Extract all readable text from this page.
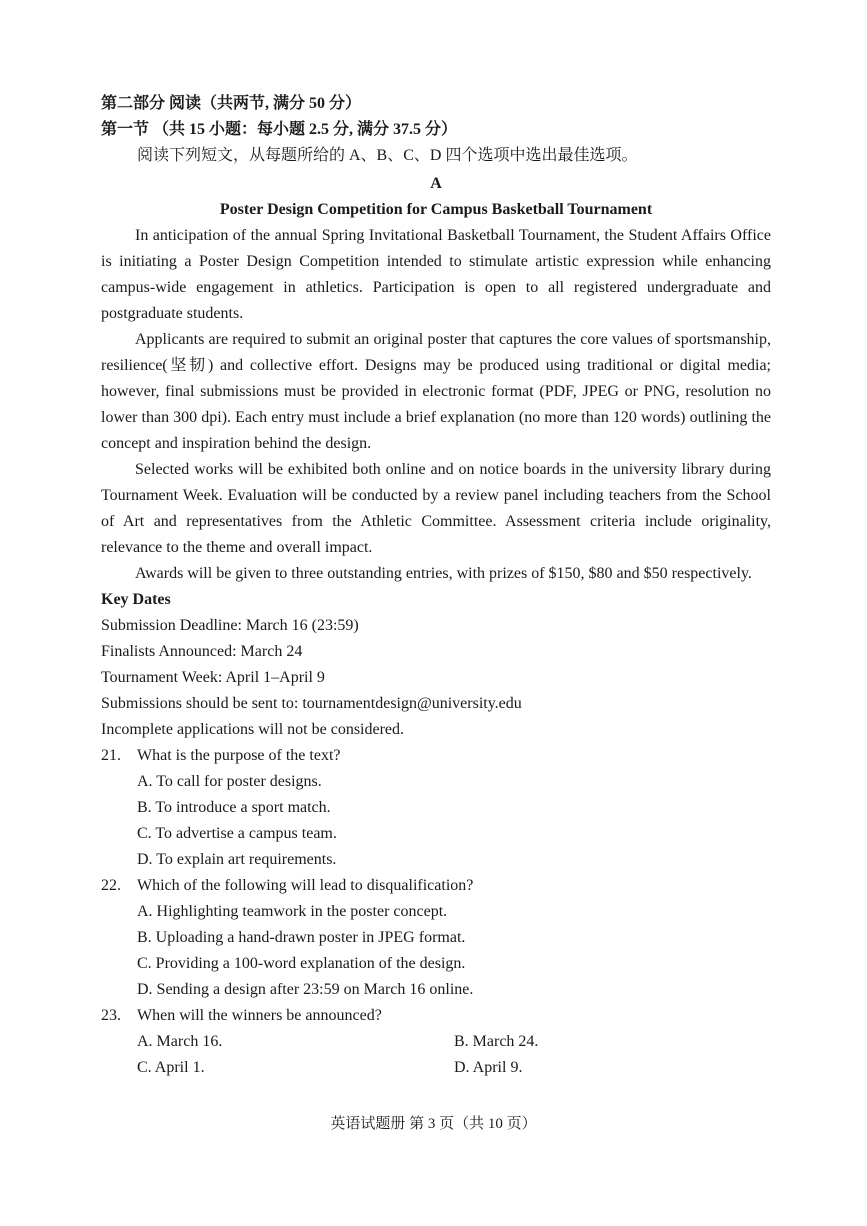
第二部分 阅读（共两节, 满分 50 分）
第一节 （共 15 小题：每小题 2.5 分, 满分 37.5 分）
阅读下列短文，从每题所给的 A、B、C、D 四个选项中选出最佳选项。
A
Poster Design Competition for Campus Basketball Tournament

In anticipation of the annual Spring Invitational Basketball Tournament, the Student Affairs Office is initiating a Poster Design Competition intended to stimulate artistic expression while enhancing campus-wide engagement in athletics. Participation is open to all registered undergraduate and postgraduate students.

Applicants are required to submit an original poster that captures the core values of sportsmanship, resilience(坚韧) and collective effort. Designs may be produced using traditional or digital media; however, final submissions must be provided in electronic format (PDF, JPEG or PNG, resolution no lower than 300 dpi). Each entry must include a brief explanation (no more than 120 words) outlining the concept and inspiration behind the design.

Selected works will be exhibited both online and on notice boards in the university library during Tournament Week. Evaluation will be conducted by a review panel including teachers from the School of Art and representatives from the Athletic Committee. Assessment criteria include originality, relevance to the theme and overall impact.

Awards will be given to three outstanding entries, with prizes of $150, $80 and $50 respectively.

Key Dates
Submission Deadline: March 16 (23:59)
Finalists Announced: March 24
Tournament Week: April 1–April 9
Submissions should be sent to: tournamentdesign@university.edu
Incomplete applications will not be considered.
21.	What is the purpose of the text?
A. To call for poster designs.
B. To introduce a sport match.
C. To advertise a campus team.
D. To explain art requirements.
22.	Which of the following will lead to disqualification?
A. Highlighting teamwork in the poster concept.
B. Uploading a hand-drawn poster in JPEG format.
C. Providing a 100-word explanation of the design.
D. Sending a design after 23:59 on March 16 online.
23.	When will the winners be announced?
A. March 16.	B. March 24.
C. April 1.	D. April 9.
英语试题册 第 3 页（共 10 页）
